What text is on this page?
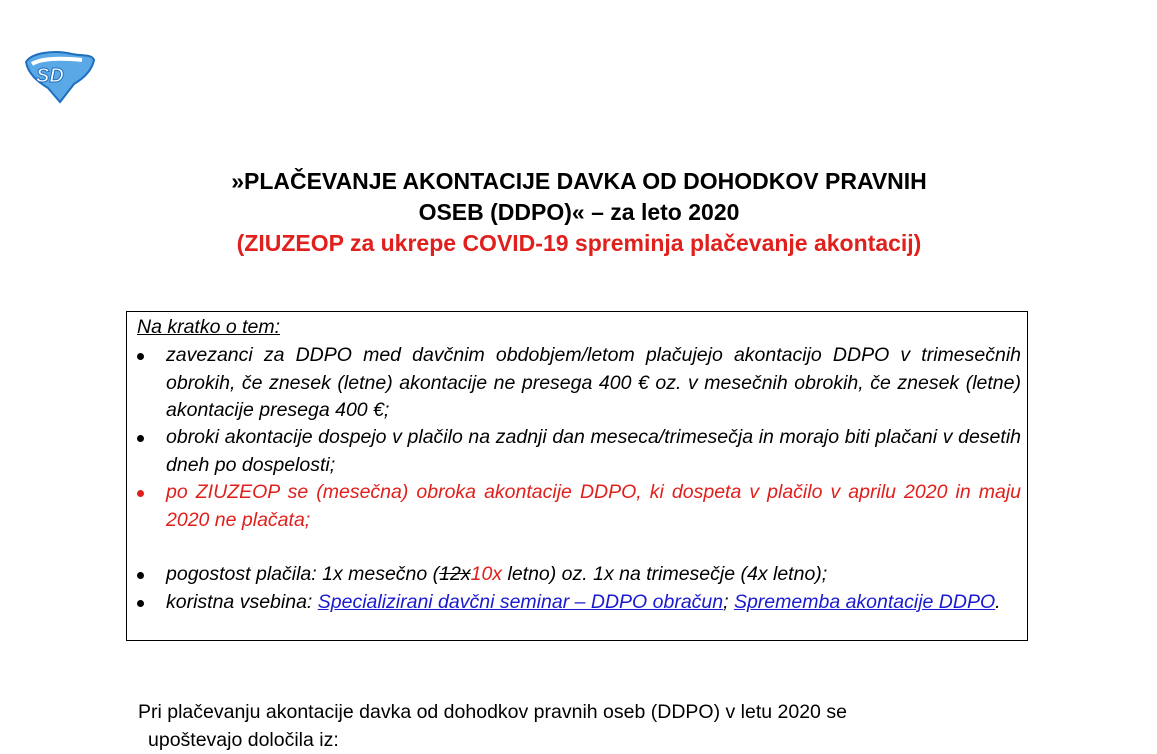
SD
»PLAČEVANJE AKONTACIJE DAVKA OD DOHODKOV PRAVNIH
OSEB (DDPO)« – za leto 2020
(ZIUZEOP za ukrepe COVID-19 spreminja plačevanje akontacij)
Na kratko o tem:
zavezanci za DDPO med davčnim obdobjem/letom plačujejo akontacijo DDPO v trimesečnih obrokih, če znesek (letne) akontacije ne presega 400 € oz. v mesečnih obrokih, če znesek (letne) akontacije presega 400 €;
obroki akontacije dospejo v plačilo na zadnji dan meseca/trimesečja in morajo biti plačani v desetih dneh po dospelosti;
po ZIUZEOP se (mesečna) obroka akontacije DDPO, ki dospeta v plačilo v aprilu 2020 in maju 2020 ne plačata;
pogostost plačila: 1x mesečno (12x10x letno) oz. 1x na trimesečje (4x letno);
koristna vsebina: Specializirani davčni seminar – DDPO obračun; Sprememba akontacije DDPO.
Pri plačevanju akontacije davka od dohodkov pravnih oseb (DDPO) v letu 2020 se
upoštevajo določila iz:
